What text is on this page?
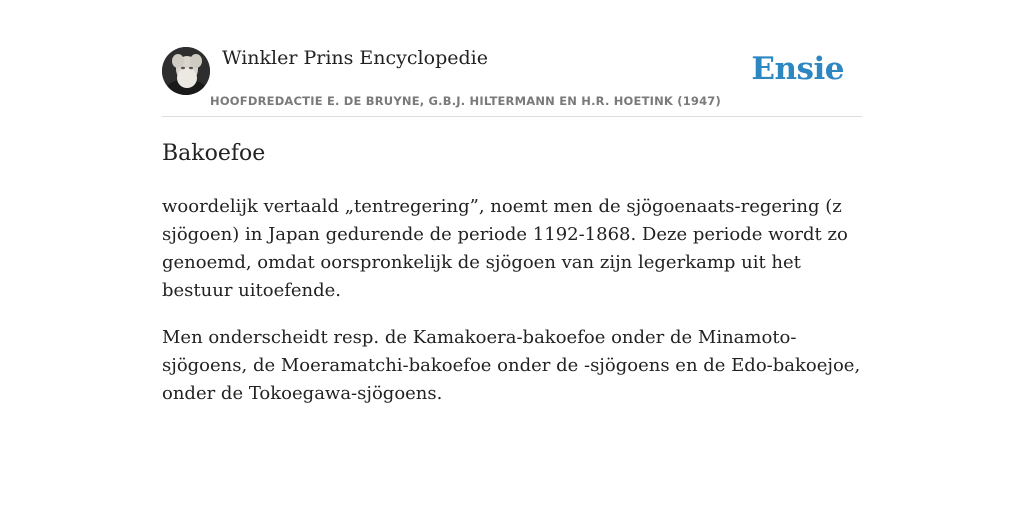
Winkler Prins Encyclopedie
HOOFDREDACTIE E. DE BRUYNE, G.B.J. HILTERMANN EN H.R. HOETINK (1947)
Ensie
Bakoefoe

woordelijk vertaald „tentregering”, noemt men de sjögoenaats-regering (z sjögoen) in Japan gedurende de periode 1192-1868. Deze periode wordt zo genoemd, omdat oorspronkelijk de sjögoen van zijn legerkamp uit het bestuur uitoefende.

Men onderscheidt resp. de Kamakoera-bakoefoe onder de Minamoto-sjögoens, de Moeramatchi-bakoefoe onder de -sjögoens en de Edo-bakoejoe, onder de Tokoegawa-sjögoens.
